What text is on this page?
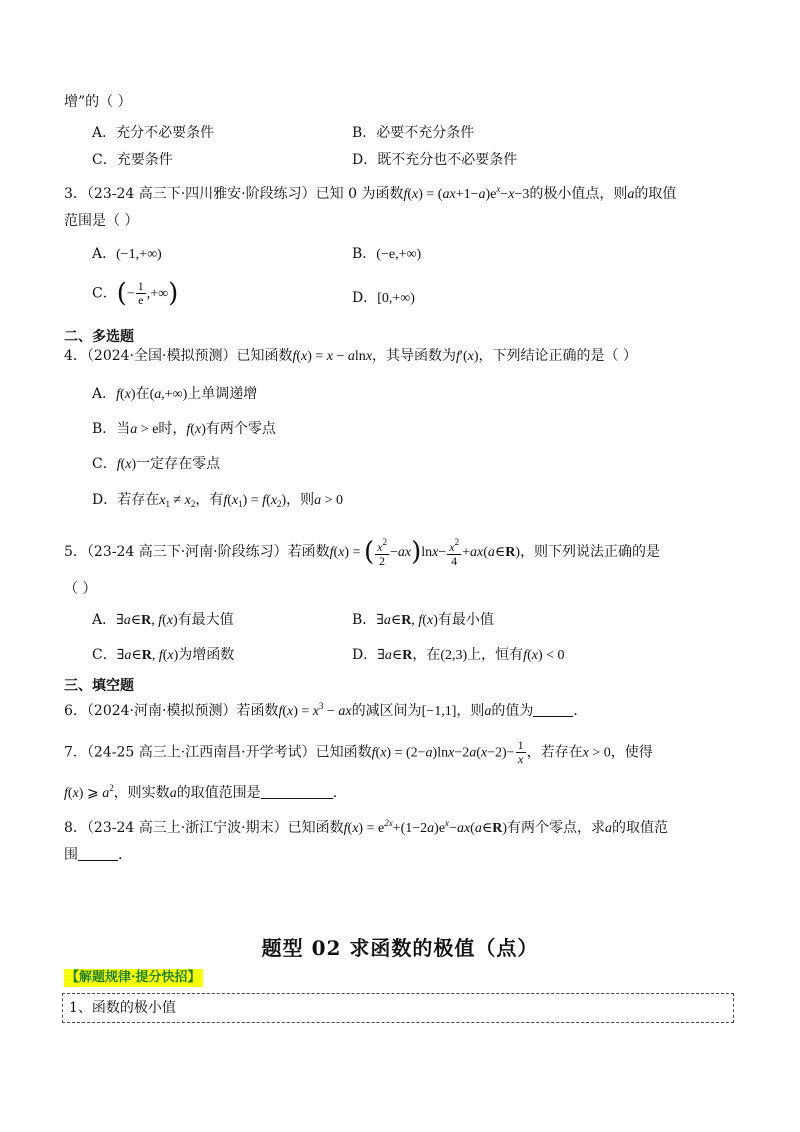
增”的（ ）
A．充分不必要条件	B．必要不充分条件
C．充要条件	D．既不充分也不必要条件
3．（23-24 高三下·四川雅安·阶段练习）已知 0 为函数$f(x) = (ax+1-a)e^x-x-3$的极小值点，则a的取值
范围是（ ）
A．(−1,+∞)	B．(−e,+∞)
C．(− $\frac{1}{e}$ ,+∞)	D．[0,+∞)
二、多选题
4．（2024·全国·模拟预测）已知函数f(x) = x − alnx，其导函数为f′(x)，下列结论正确的是（ ）
A．f(x)在(a,+∞)上单调递增
B．当a > e时，f(x)有两个零点
C．f(x)一定存在零点
D．若存在$x_1 \ne x_2$，有$f(x_1) = f(x_2)$，则a > 0
5．（23-24 高三下·河南·阶段练习）若函数f(x) = ( $\frac{x^2}{2} -ax)\ln x- \frac{x^2}{4}$ +ax(a∈R)，则下列说法正确的是
（ ）
A．∃a∈R, f(x)有最大值	B．∃a∈R, f(x)有最小值
C．∃a∈R, f(x)为增函数	D．∃a∈R，在(2,3)上，恒有f(x) < 0
三、填空题
6．（2024·河南·模拟预测）若函数$f(x) = x^3$ − ax的减区间为[−1,1]，则a的值为	.
7．（24-25 高三上·江西南昌·开学考试）已知函数$f(x) = (2-a)\ln x-2a(x-2)- \frac{1}{x}$ ，若存在x > 0，使得
f(x) ⩾ $a^2$，则实数a的取值范围是	.
8．（23-24 高三上·浙江宁波·期末）已知函数$f(x) = e^{2x}+(1-2a)e^x-ax(a\in R)$有两个零点，求a的取值范
围	.
题型 02 求函数的极值（点）
【解题规律·提分快招】
1、函数的极小值
